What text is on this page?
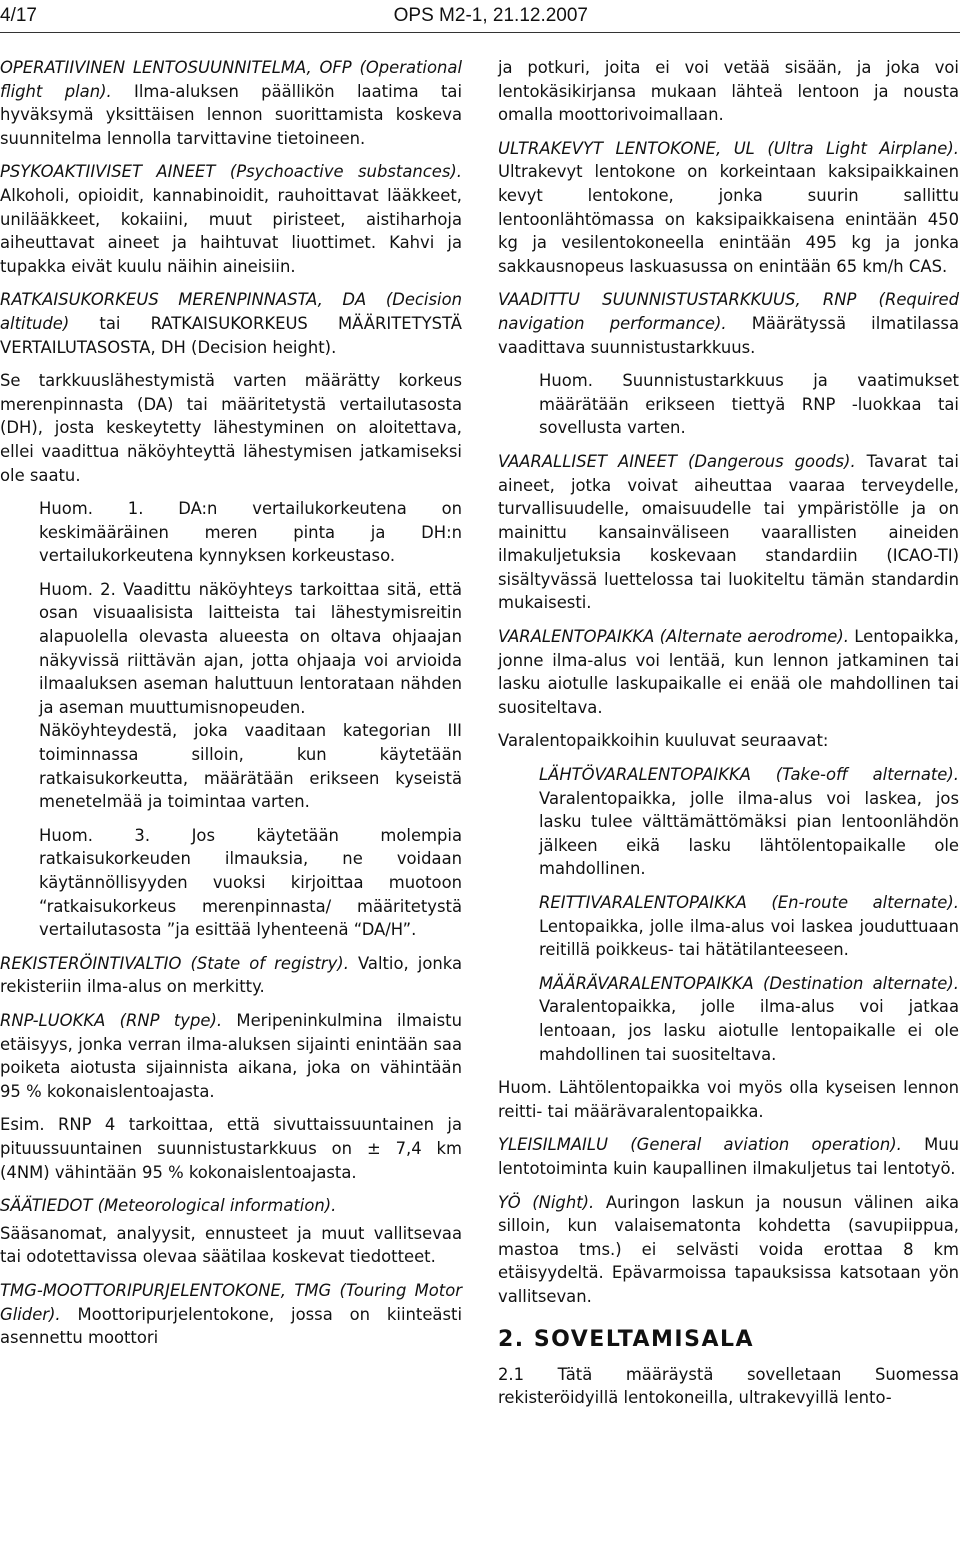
4/17	OPS M2-1, 21.12.2007

OPERATIIVINEN LENTOSUUNNITELMA, OFP (Operational flight plan). Ilma-aluksen päällikön laatima tai hyväksymä yksittäisen lennon suorittamista koskeva suunnitelma lennolla tarvittavine tietoineen.

PSYKOAKTIIVISET AINEET (Psychoactive substances). Alkoholi, opioidit, kannabinoidit, rauhoittavat lääkkeet, unilääkkeet, kokaiini, muut piristeet, aistiharhoja aiheuttavat aineet ja haihtuvat liuottimet. Kahvi ja tupakka eivät kuulu näihin aineisiin.

RATKAISUKORKEUS MERENPINNASTA, DA (Decision altitude) tai RATKAISUKORKEUS MÄÄRITETYSTÄ VERTAILUTASOSTA, DH (Decision height).

Se tarkkuuslähestymistä varten määrätty korkeus merenpinnasta (DA) tai määritetystä vertailutasosta (DH), josta keskeytetty lähestyminen on aloitettava, ellei vaadittua näköyhteyttä lähestymisen jatkamiseksi ole saatu.

Huom. 1. DA:n vertailukorkeutena on keskimääräinen meren pinta ja DH:n vertailukorkeutena kynnyksen korkeustaso.

Huom. 2. Vaadittu näköyhteys tarkoittaa sitä, että osan visuaalisista laitteista tai lähestymisreitin alapuolella olevasta alueesta on oltava ohjaajan näkyvissä riittävän ajan, jotta ohjaaja voi arvioida ilmaaluksen aseman haluttuun lentorataan nähden ja aseman muuttumisnopeuden.

Näköyhteydestä, joka vaaditaan kategorian III toiminnassa silloin, kun käytetään ratkaisukorkeutta, määrätään erikseen kyseistä menetelmää ja toimintaa varten.

Huom. 3. Jos käytetään molempia ratkaisukorkeuden ilmauksia, ne voidaan käytännöllisyyden vuoksi kirjoittaa muotoon “ratkaisukorkeus merenpinnasta/ määritetystä vertailutasosta ”ja esittää lyhenteenä “DA/H”.

REKISTERÖINTIVALTIO (State of registry). Valtio, jonka rekisteriin ilma-alus on merkitty.

RNP-LUOKKA (RNP type). Meripeninkulmina ilmaistu etäisyys, jonka verran ilma-aluksen sijainti enintään saa poiketa aiotusta sijainnista aikana, joka on vähintään 95 % kokonaislentoajasta.

Esim. RNP 4 tarkoittaa, että sivuttaissuuntainen ja pituussuuntainen suunnistustarkkuus on ± 7,4 km (4NM) vähintään 95 % kokonaislentoajasta.

SÄÄTIEDOT (Meteorological information).

Sääsanomat, analyysit, ennusteet ja muut vallitsevaa tai odotettavissa olevaa säätilaa koskevat tiedotteet.

TMG-MOOTTORIPURJELENTOKONE, TMG (Touring Motor Glider). Moottoripurjelentokone, jossa on kiinteästi asennettu moottori

ja potkuri, joita ei voi vetää sisään, ja joka voi lentokäsikirjansa mukaan lähteä lentoon ja nousta omalla moottorivoimallaan.

ULTRAKEVYT LENTOKONE, UL (Ultra Light Airplane). Ultrakevyt lentokone on korkeintaan kaksipaikkainen kevyt lentokone, jonka suurin sallittu lentoonlähtömassa on kaksipaikkaisena enintään 450 kg ja vesilentokoneella enintään 495 kg ja jonka sakkausnopeus laskuasussa on enintään 65 km/h CAS.

VAADITTU SUUNNISTUSTARKKUUS, RNP (Required navigation performance). Määrätyssä ilmatilassa vaadittava suunnistustarkkuus.

Huom. Suunnistustarkkuus ja vaatimukset määrätään erikseen tiettyä RNP -luokkaa tai sovellusta varten.

VAARALLISET AINEET (Dangerous goods). Tavarat tai aineet, jotka voivat aiheuttaa vaaraa terveydelle, turvallisuudelle, omaisuudelle tai ympäristölle ja on mainittu kansainväliseen vaarallisten aineiden ilmakuljetuksia koskevaan standardiin (ICAO-TI) sisältyvässä luettelossa tai luokiteltu tämän standardin mukaisesti.

VARALENTOPAIKKA (Alternate aerodrome). Lentopaikka, jonne ilma-alus voi lentää, kun lennon jatkaminen tai lasku aiotulle laskupaikalle ei enää ole mahdollinen tai suositeltava.

Varalentopaikkoihin kuuluvat seuraavat:

LÄHTÖVARALENTOPAIKKA (Take-off alternate). Varalentopaikka, jolle ilma-alus voi laskea, jos lasku tulee välttämättömäksi pian lentoonlähdön jälkeen eikä lasku lähtölentopaikalle ole mahdollinen.

REITTIVARALENTOPAIKKA (En-route alternate). Lentopaikka, jolle ilma-alus voi laskea jouduttuaan reitillä poikkeus- tai hätätilanteeseen.

MÄÄRÄVARALENTOPAIKKA (Destination alternate). Varalentopaikka, jolle ilma-alus voi jatkaa lentoaan, jos lasku aiotulle lentopaikalle ei ole mahdollinen tai suositeltava.

Huom. Lähtölentopaikka voi myös olla kyseisen lennon reitti- tai määrävaralentopaikka.

YLEISILMAILU (General aviation operation). Muu lentotoiminta kuin kaupallinen ilmakuljetus tai lentotyö.

YÖ (Night). Auringon laskun ja nousun välinen aika silloin, kun valaisematonta kohdetta (savupiippua, mastoa tms.) ei selvästi voida erottaa 8 km etäisyydeltä. Epävarmoissa tapauksissa katsotaan yön vallitsevan.

2. SOVELTAMISALA

2.1 Tätä määräystä sovelletaan Suomessa rekisteröidyillä lentokoneilla, ultrakevyillä lento-
